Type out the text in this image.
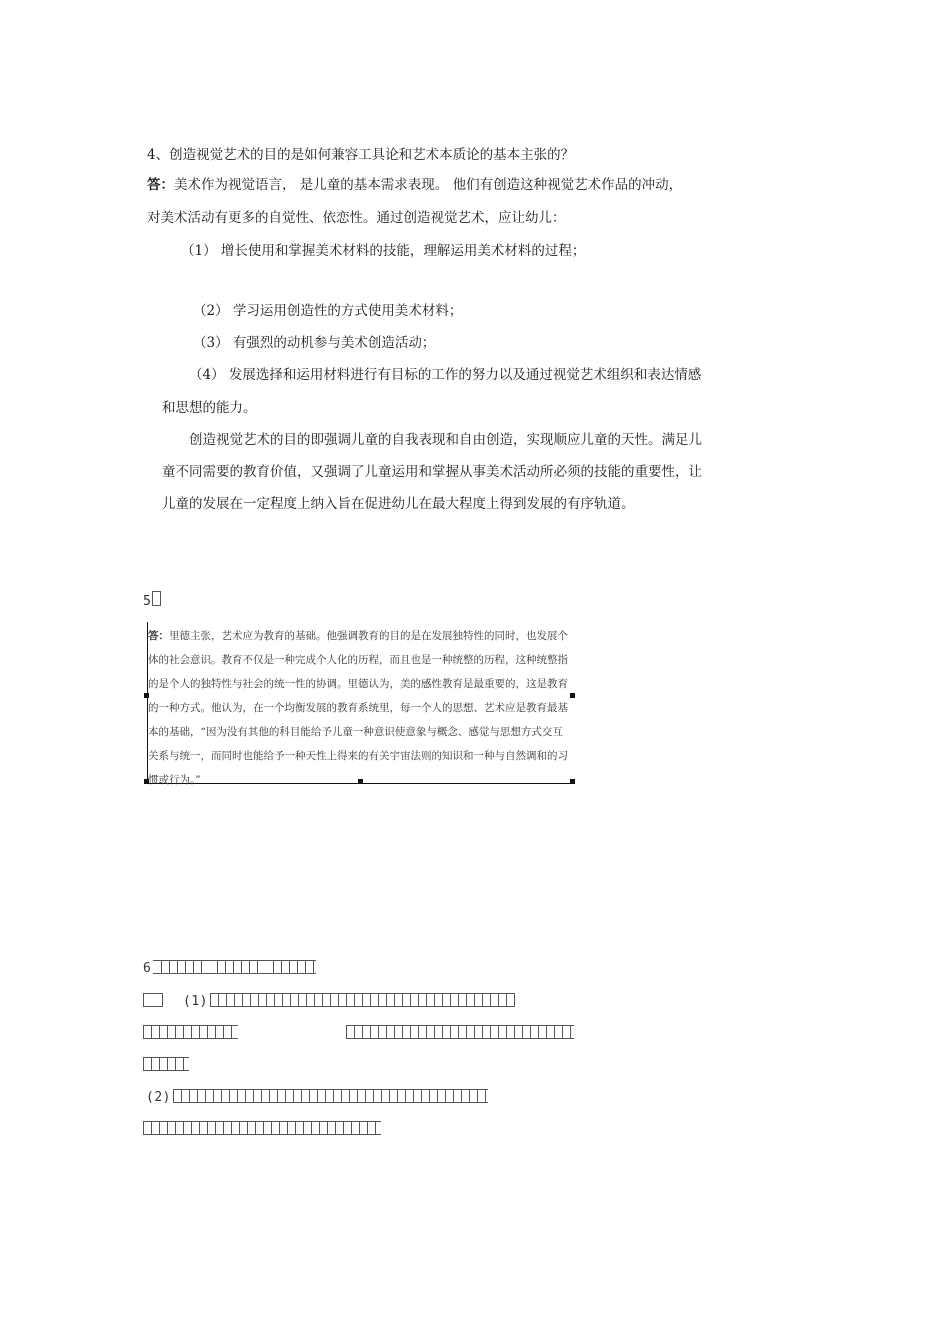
4、创造视觉艺术的目的是如何兼容工具论和艺术本质论的基本主张的？
答：美术作为视觉语言， 是儿童的基本需求表现。 他们有创造这种视觉艺术作品的冲动，
对美术活动有更多的自觉性、依恋性。通过创造视觉艺术，应让幼儿：
（1） 增长使用和掌握美术材料的技能，理解运用美术材料的过程；
（2） 学习运用创造性的方式使用美术材料；
（3） 有强烈的动机参与美术创造活动；
（4） 发展选择和运用材料进行有目标的工作的努力以及通过视觉艺术组织和表达情感
和思想的能力。
创造视觉艺术的目的即强调儿童的自我表现和自由创造，实现顺应儿童的天性。满足儿
童不同需要的教育价值，又强调了儿童运用和掌握从事美术活动所必须的技能的重要性，让
儿童的发展在一定程度上纳入旨在促进幼儿在最大程度上得到发展的有序轨道。
5
答：里德主张，艺术应为教育的基础。他强调教育的目的是在发展独特性的同时，也发展个
体的社会意识。教育不仅是一种完成个人化的历程，而且也是一种统整的历程，这种统整指
的是个人的独特性与社会的统一性的协调。里德认为，美的感性教育是最重要的，这是教育
的一种方式。他认为，在一个均衡发展的教育系统里，每一个人的思想、艺术应是教育最基
本的基础，“因为没有其他的科目能给予儿童一种意识使意象与概念、感觉与思想方式交互
关系与统一，而同时也能给予一种天性上得来的有关宇宙法则的知识和一种与自然调和的习
惯或行为。”
6
(1)
(2)
